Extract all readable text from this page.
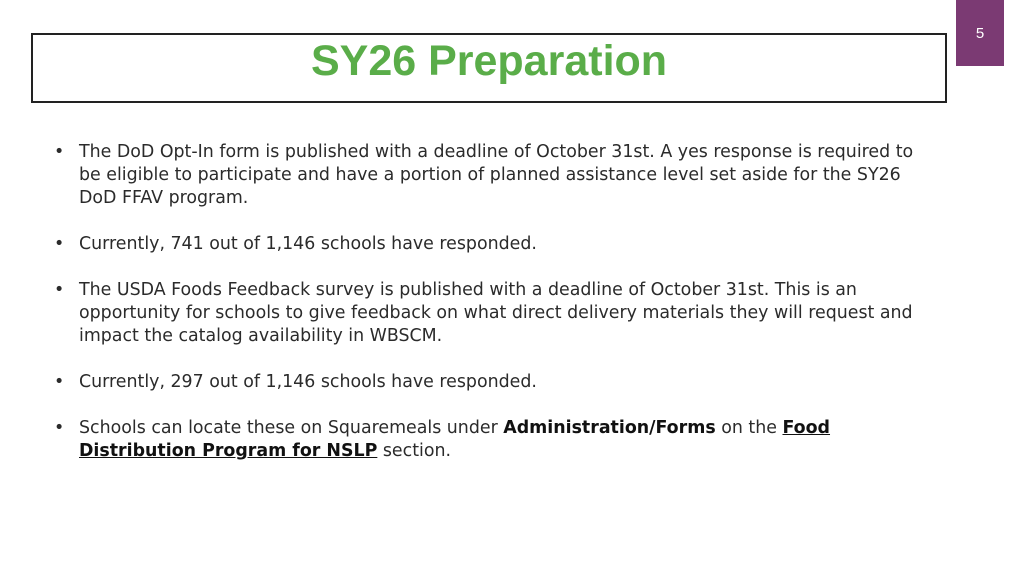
5
SY26 Preparation
• The DoD Opt-In form is published with a deadline of October 31st. A yes response is required to be eligible to participate and have a portion of planned assistance level set aside for the SY26 DoD FFAV program.
• Currently, 741 out of 1,146 schools have responded.
• The USDA Foods Feedback survey is published with a deadline of October 31st. This is an opportunity for schools to give feedback on what direct delivery materials they will request and impact the catalog availability in WBSCM.
• Currently, 297 out of 1,146 schools have responded.
• Schools can locate these on Squaremeals under Administration/Forms on the Food Distribution Program for NSLP section.
